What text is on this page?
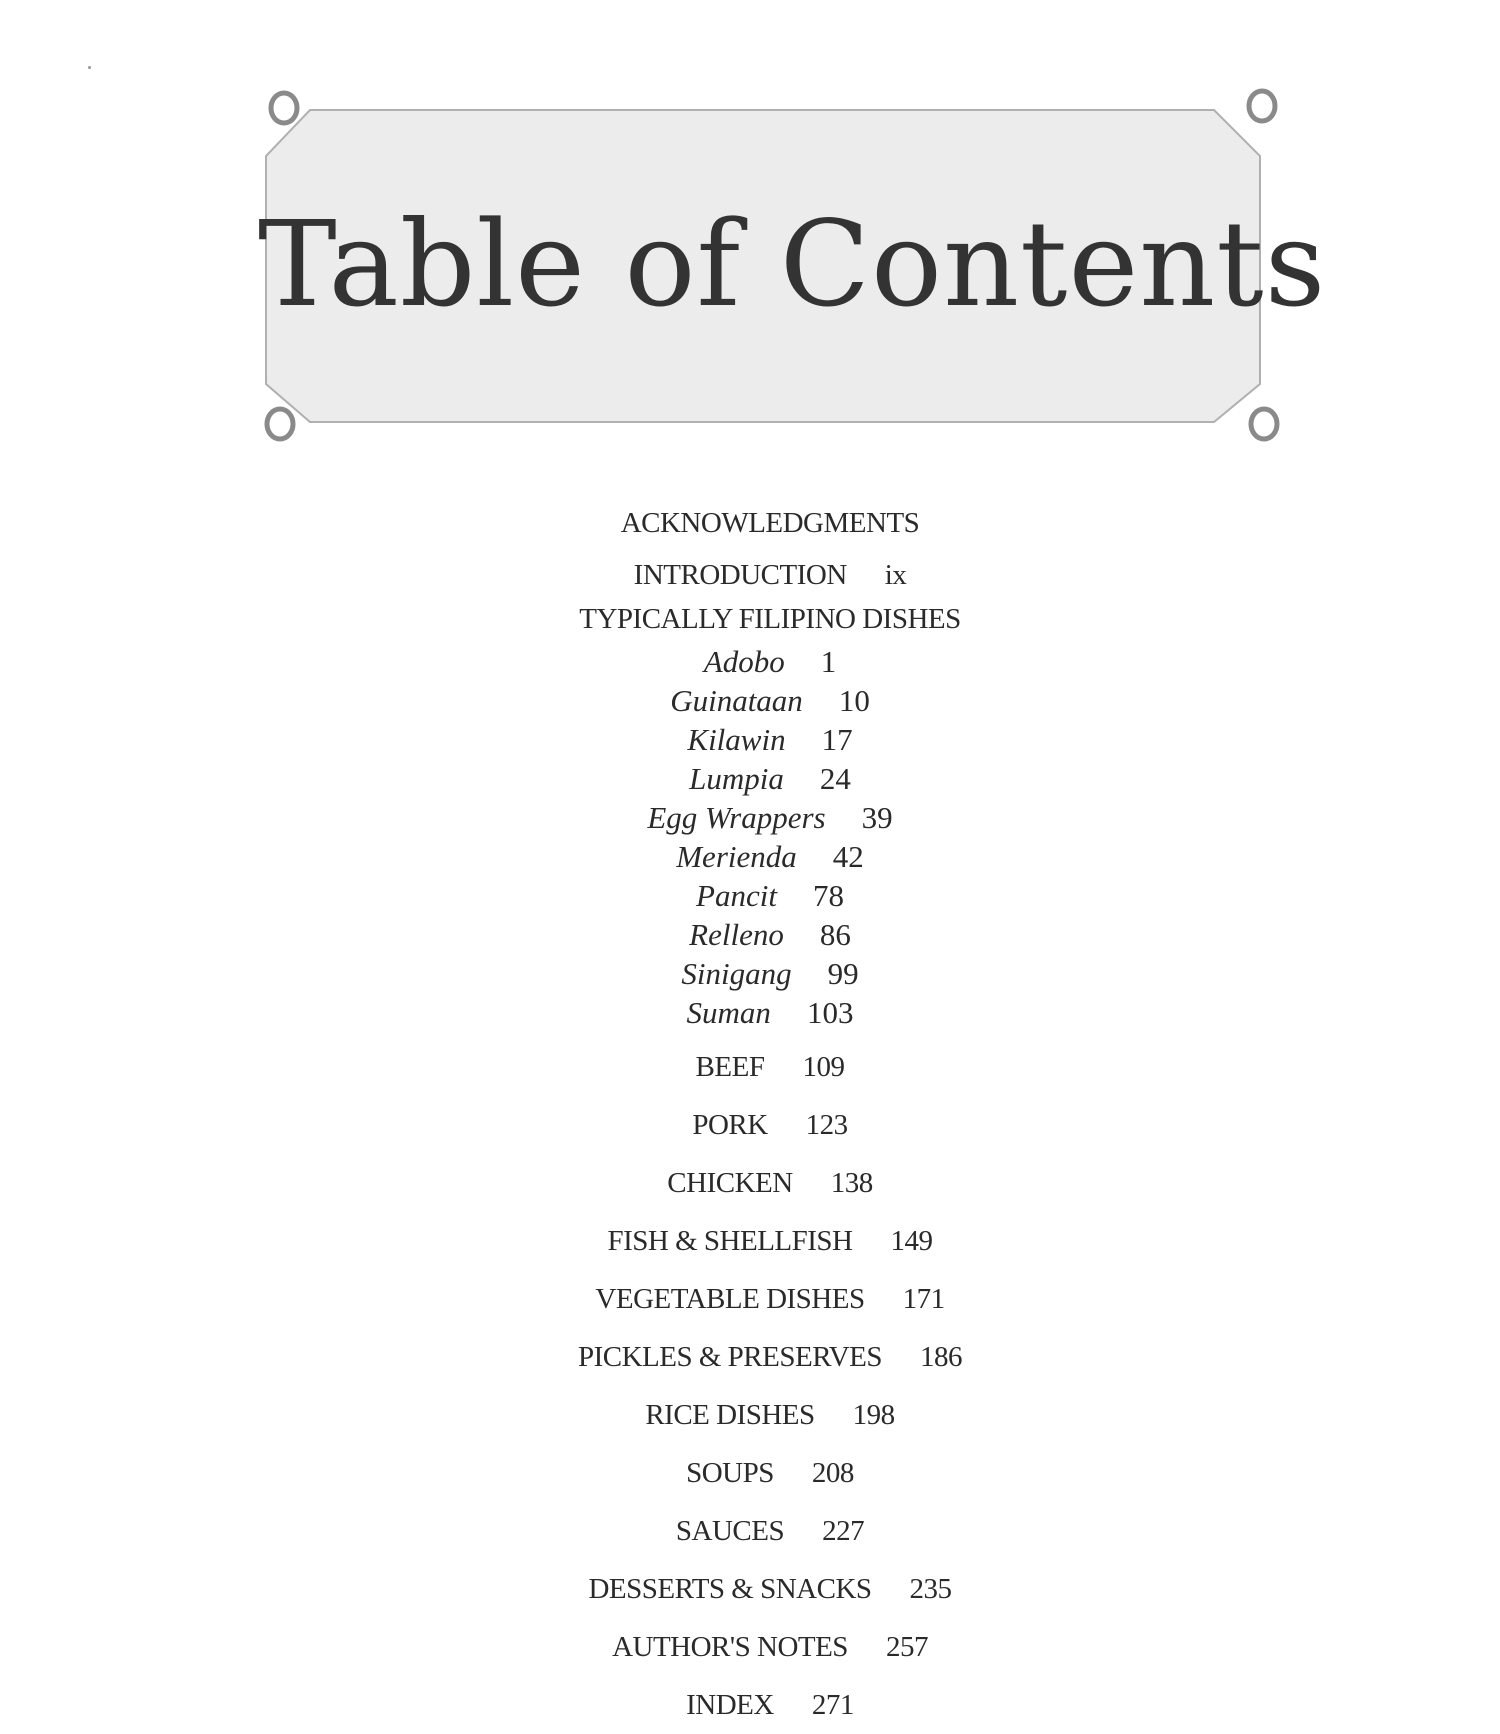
Table of Contents
ACKNOWLEDGMENTS
INTRODUCTION ix
TYPICALLY FILIPINO DISHES
Adobo 1
Guinataan 10
Kilawin 17
Lumpia 24
Egg Wrappers 39
Merienda 42
Pancit 78
Relleno 86
Sinigang 99
Suman 103
BEEF 109
PORK 123
CHICKEN 138
FISH & SHELLFISH 149
VEGETABLE DISHES 171
PICKLES & PRESERVES 186
RICE DISHES 198
SOUPS 208
SAUCES 227
DESSERTS & SNACKS 235
AUTHOR'S NOTES 257
INDEX 271
